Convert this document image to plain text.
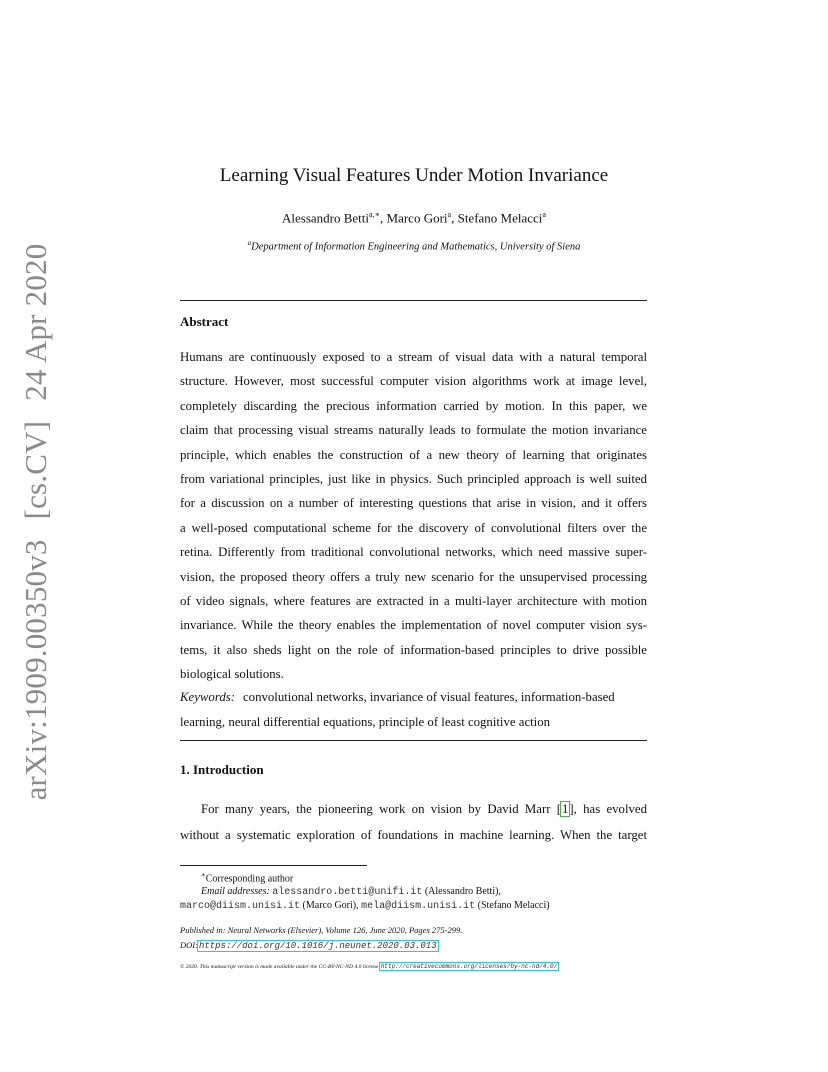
arXiv:1909.00350v3 [cs.CV] 24 Apr 2020
Learning Visual Features Under Motion Invariance
Alessandro Betti$^{a,∗}$, Marco Gori$^a$, Stefano Melacci$^a$
$^a$Department of Information Engineering and Mathematics, University of Siena
Abstract
Humans are continuously exposed to a stream of visual data with a natural temporal
structure. However, most successful computer vision algorithms work at image level,
completely discarding the precious information carried by motion. In this paper, we
claim that processing visual streams naturally leads to formulate the motion invariance
principle, which enables the construction of a new theory of learning that originates
from variational principles, just like in physics. Such principled approach is well suited
for a discussion on a number of interesting questions that arise in vision, and it offers
a well-posed computational scheme for the discovery of convolutional filters over the
retina. Differently from traditional convolutional networks, which need massive super-
vision, the proposed theory offers a truly new scenario for the unsupervised processing
of video signals, where features are extracted in a multi-layer architecture with motion
invariance. While the theory enables the implementation of novel computer vision sys-
tems, it also sheds light on the role of information-based principles to drive possible
biological solutions.
Keywords: convolutional networks, invariance of visual features, information-based
learning, neural differential equations, principle of least cognitive action
1. Introduction
For many years, the pioneering work on vision by David Marr [1], has evolved
without a systematic exploration of foundations in machine learning. When the target
∗Corresponding author
Email addresses: alessandro.betti@unifi.it (Alessandro Betti),
marco@diism.unisi.it (Marco Gori), mela@diism.unisi.it (Stefano Melacci)
Published in: Neural Networks (Elsevier), Volume 126, June 2020, Pages 275-299.
DOI:https://doi.org/10.1016/j.neunet.2020.03.013
© 2020. This manuscript version is made available under the CC-BY-NC-ND 4.0 license http://creativecommons.org/licenses/by-nc-nd/4.0/
